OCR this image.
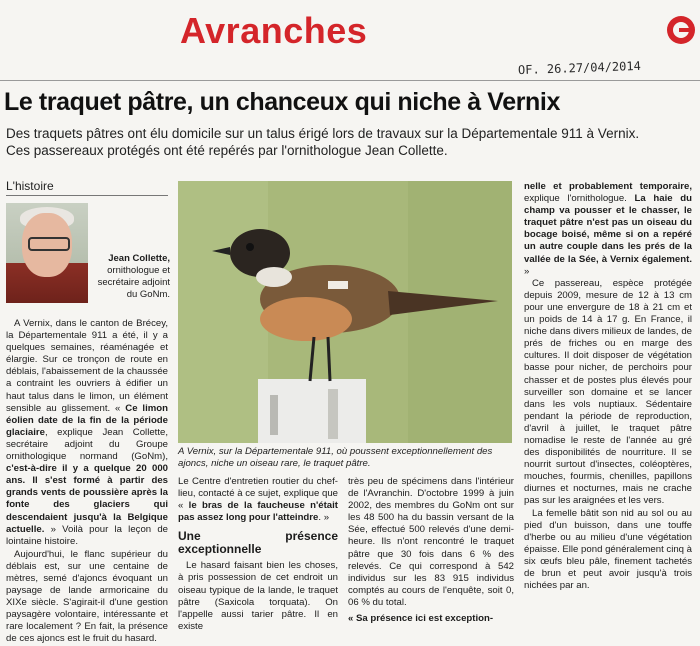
Avranches
OF. 26.27/04/2014
Le traquet pâtre, un chanceux qui niche à Vernix
Des traquets pâtres ont élu domicile sur un talus érigé lors de travaux sur la Départementale 911 à Vernix.
Ces passereaux protégés ont été repérés par l'ornithologue Jean Collette.
L'histoire
Jean Collette,
ornithologue et secrétaire adjoint du GoNm.

A Vernix, dans le canton de Brécey, la Départementale 911 a été, il y a quelques semaines, réaménagée et élargie. Sur ce tronçon de route en déblais, l'abaissement de la chaussée a contraint les ouvriers à édifier un haut talus dans le limon, un élément sensible au glissement. « Ce limon éolien date de la fin de la période glaciaire, explique Jean Collette, secrétaire adjoint du Groupe ornithologique normand (GoNm), c'est-à-dire il y a quelque 20 000 ans. Il s'est formé à partir des grands vents de poussière après la fonte des glaciers qui descendaient jusqu'à la Belgique actuelle. » Voilà pour la leçon de lointaine histoire.

Aujourd'hui, le flanc supérieur du déblais est, sur une centaine de mètres, semé d'ajoncs évoquant un paysage de lande armoricaine du XIXe siècle. S'agirait-il d'une gestion paysagère volontaire, intéressante et rare localement ? En fait, la présence de ces ajoncs est le fruit du hasard.

A Vernix, sur la Départementale 911, où poussent exceptionnellement des ajoncs, niche un oiseau rare, le traquet pâtre.

Le Centre d'entretien routier du chef-lieu, contacté à ce sujet, explique que « le bras de la faucheuse n'était pas assez long pour l'atteindre. »

Une présence exceptionnelle

Le hasard faisant bien les choses, à pris possession de cet endroit un oiseau typique de la lande, le traquet pâtre (Saxicola torquata). On l'appelle aussi tarier pâtre. Il en existe

très peu de spécimens dans l'intérieur de l'Avranchin. D'octobre 1999 à juin 2002, des membres du GoNm ont sur les 48 500 ha du bassin versant de la Sée, effectué 500 relevés d'une demi-heure. Ils n'ont rencontré le traquet pâtre que 30 fois dans 6 % des relevés. Ce qui correspond à 542 individus sur les 83 915 individus comptés au cours de l'enquête, soit 0, 06 % du total.

« Sa présence ici est exception-

nelle et probablement temporaire, explique l'ornithologue. La haie du champ va pousser et le chasser, le traquet pâtre n'est pas un oiseau du bocage boisé, même si on a repéré un autre couple dans les prés de la vallée de la Sée, à Vernix également. »

Ce passereau, espèce protégée depuis 2009, mesure de 12 à 13 cm pour une envergure de 18 à 21 cm et un poids de 14 à 17 g. En France, il niche dans divers milieux de landes, de prés de friches ou en marge des cultures. Il doit disposer de végétation basse pour nicher, de perchoirs pour chasser et de postes plus élevés pour surveiller son domaine et se lancer dans les vols nuptiaux. Sédentaire pendant la période de reproduction, d'avril à juillet, le traquet pâtre nomadise le reste de l'année au gré des disponibilités de nourriture. Il se nourrit surtout d'insectes, coléoptères, mouches, fourmis, chenilles, papillons diurnes et nocturnes, mais ne crache pas sur les araignées et les vers.

La femelle bâtit son nid au sol ou au pied d'un buisson, dans une touffe d'herbe ou au milieu d'une végétation épaisse. Elle pond généralement cinq à six œufs bleu pâle, finement tachetés de brun et peut avoir jusqu'à trois nichées par an.
